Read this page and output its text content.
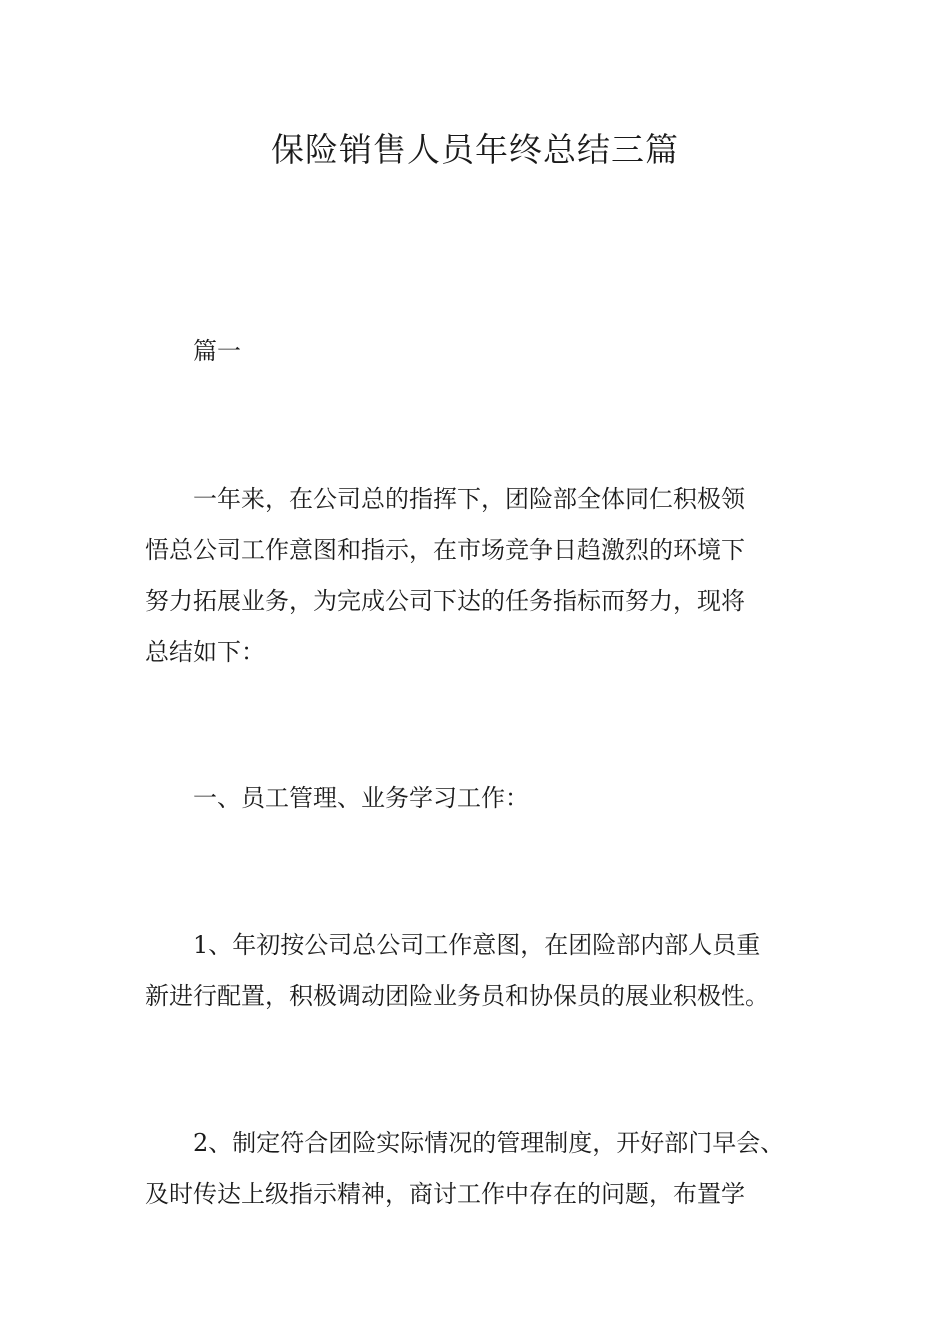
保险销售人员年终总结三篇

篇一

一年来，在公司总的指挥下，团险部全体同仁积极领
悟总公司工作意图和指示，在市场竞争日趋激烈的环境下
努力拓展业务，为完成公司下达的任务指标而努力，现将
总结如下：

一、员工管理、业务学习工作：

1、年初按公司总公司工作意图，在团险部内部人员重
新进行配置，积极调动团险业务员和协保员的展业积极性。

2、制定符合团险实际情况的管理制度，开好部门早会、
及时传达上级指示精神，商讨工作中存在的问题，布置学
